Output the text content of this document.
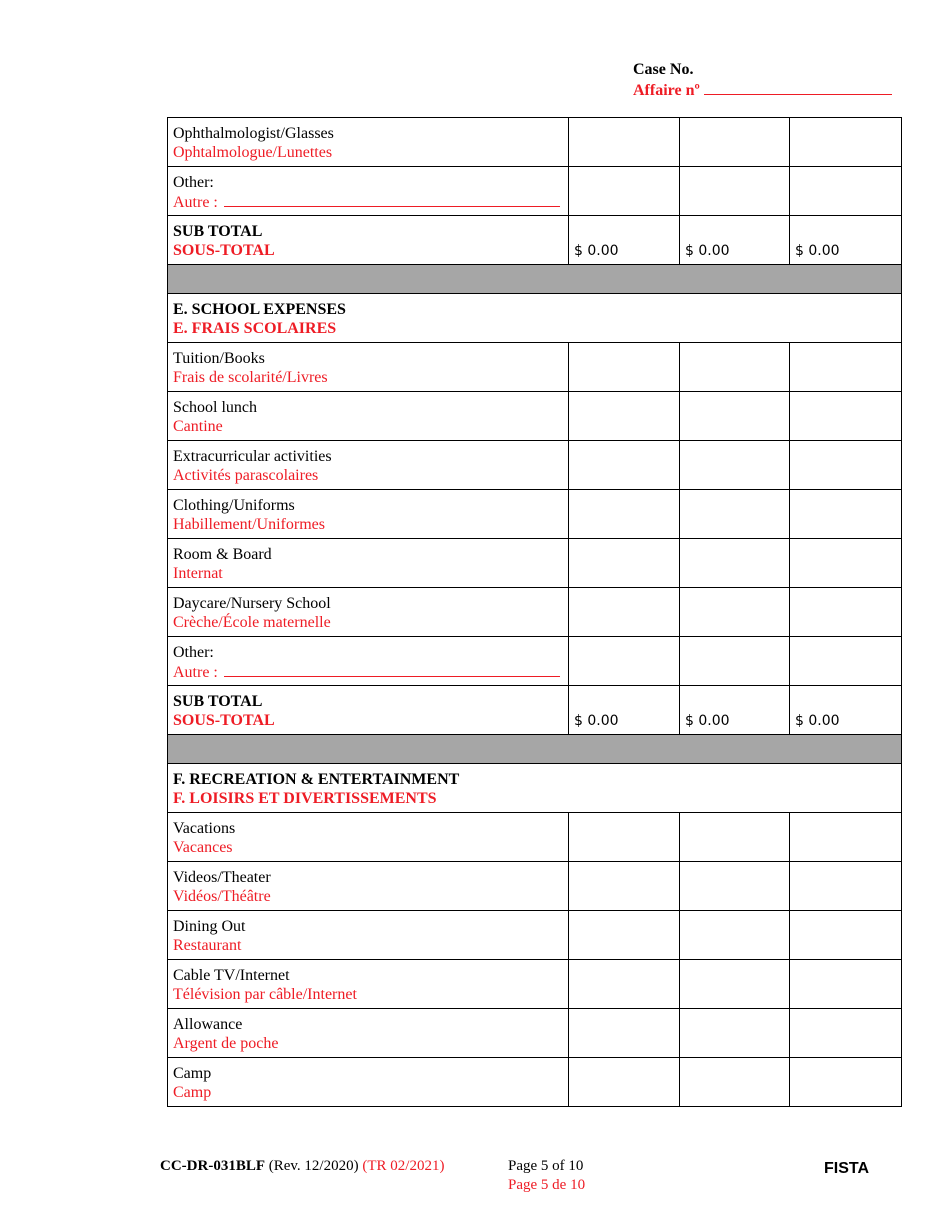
Case No.
Affaire nº
Ophthalmologist/Glasses
Ophtalmologue/Lunettes			

Other:
Autre :			

SUB TOTAL
SOUS-TOTAL	$ 0.00	$ 0.00	$ 0.00

E. SCHOOL EXPENSES
E. FRAIS SCOLAIRES			

Tuition/Books
Frais de scolarité/Livres			

School lunch
Cantine			

Extracurricular activities
Activités parascolaires			

Clothing/Uniforms
Habillement/Uniformes			

Room & Board
Internat			

Daycare/Nursery School
Crèche/École maternelle			

Other:
Autre :			

SUB TOTAL
SOUS-TOTAL	$ 0.00	$ 0.00	$ 0.00

F. RECREATION & ENTERTAINMENT
F. LOISIRS ET DIVERTISSEMENTS			

Vacations
Vacances			

Videos/Theater
Vidéos/Théâtre			

Dining Out
Restaurant			

Cable TV/Internet
Télévision par câble/Internet			

Allowance
Argent de poche			

Camp
Camp			

CC-DR-031BLF (Rev. 12/2020) (TR 02/2021)	Page 5 of 10
Page 5 de 10
FISTA
